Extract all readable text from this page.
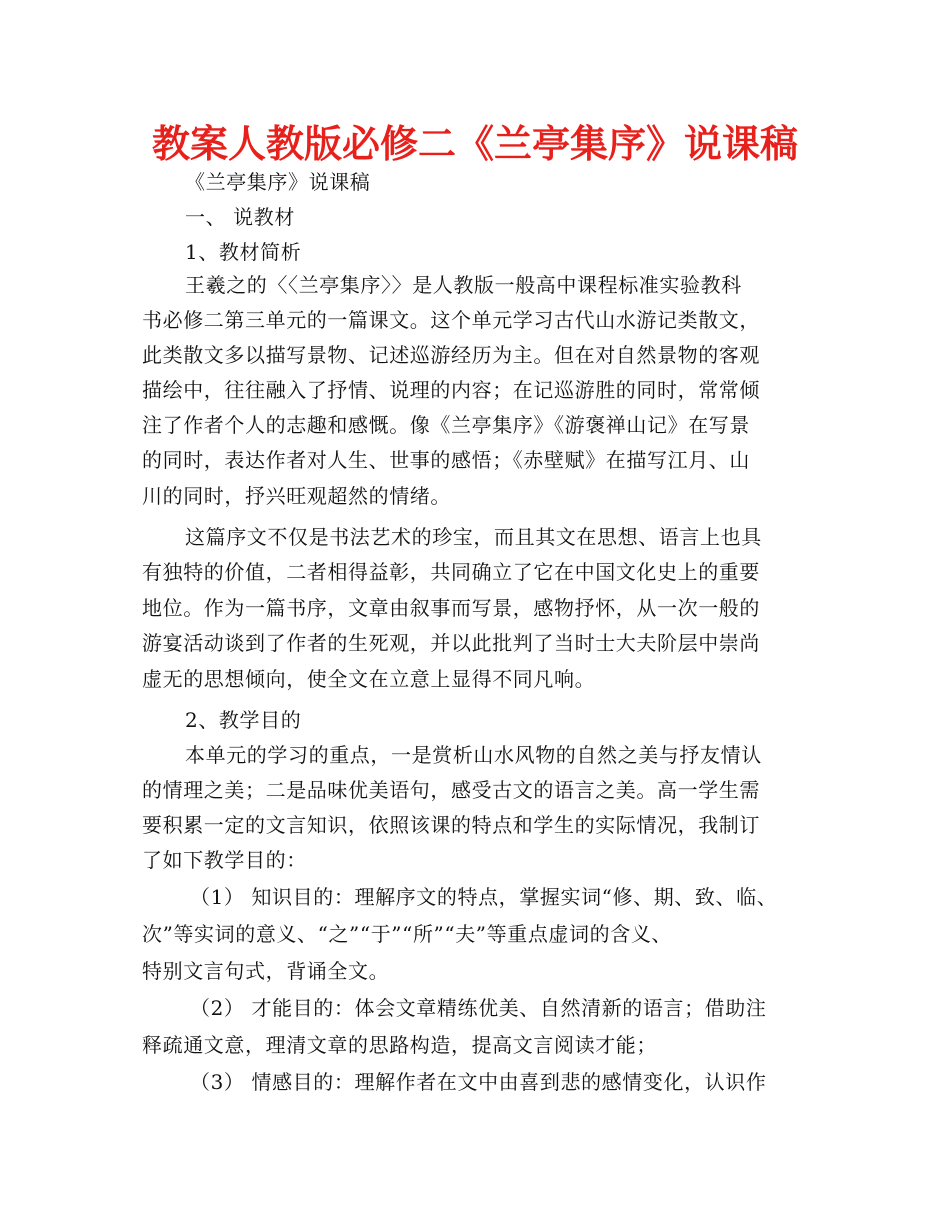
教案人教版必修二《兰亭集序》说课稿
《兰亭集序》说课稿
一、 说教材
1、教材简析
王羲之的〈〈兰亭集序〉〉是人教版一般高中课程标准实验教科
书必修二第三单元的一篇课文。这个单元学习古代山水游记类散文，
此类散文多以描写景物、记述巡游经历为主。但在对自然景物的客观
描绘中，往往融入了抒情、说理的内容；在记巡游胜的同时，常常倾
注了作者个人的志趣和感慨。像《兰亭集序》《游褒禅山记》在写景
的同时，表达作者对人生、世事的感悟；《赤壁赋》在描写江月、山
川的同时，抒兴旺观超然的情绪。
这篇序文不仅是书法艺术的珍宝，而且其文在思想、语言上也具
有独特的价值，二者相得益彰，共同确立了它在中国文化史上的重要
地位。作为一篇书序，文章由叙事而写景，感物抒怀，从一次一般的
游宴活动谈到了作者的生死观，并以此批判了当时士大夫阶层中崇尚
虚无的思想倾向，使全文在立意上显得不同凡响。
2、教学目的
本单元的学习的重点，一是赏析山水风物的自然之美与抒友情认
的情理之美；二是品味优美语句，感受古文的语言之美。高一学生需
要积累一定的文言知识，依照该课的特点和学生的实际情况，我制订
了如下教学目的：
（1） 知识目的：理解序文的特点，掌握实词“修、期、致、临、
次”等实词的意义、“之”“于”“所”“夫”等重点虚词的含义、
特别文言句式，背诵全文。
（2） 才能目的：体会文章精练优美、自然清新的语言；借助注
释疏通文意，理清文章的思路构造，提高文言阅读才能；
（3） 情感目的：理解作者在文中由喜到悲的感情变化，认识作
